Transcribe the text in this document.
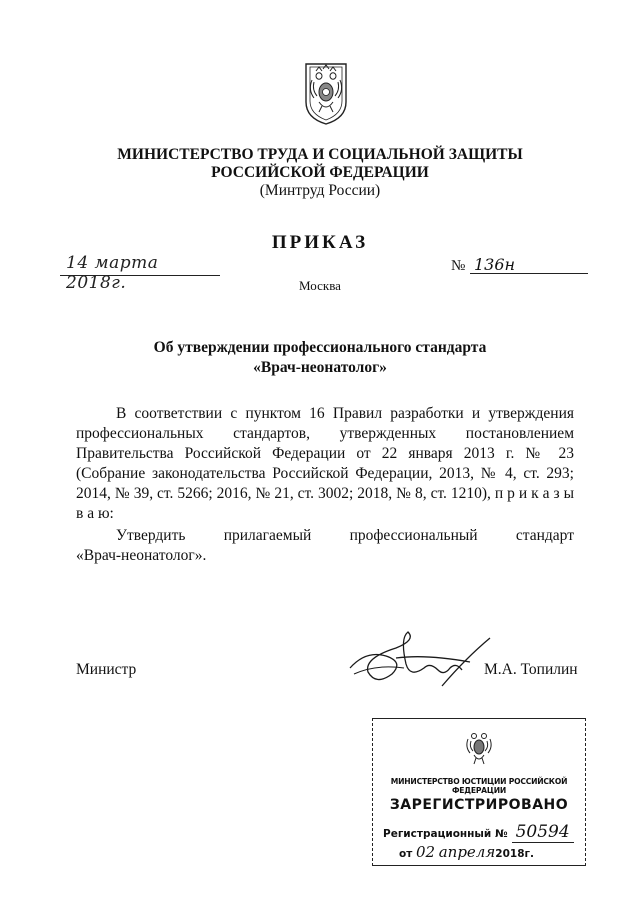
МИНИСТЕРСТВО ТРУДА И СОЦИАЛЬНОЙ ЗАЩИТЫ
РОССИЙСКОЙ ФЕДЕРАЦИИ
(Минтруд России)
ПРИКАЗ
14 марта 2018г.
№ 136н
Москва
Об утверждении профессионального стандарта
«Врач-неонатолог»

В соответствии с пунктом 16 Правил разработки и утверждения профессиональных стандартов, утвержденных постановлением Правительства Российской Федерации от 22 января 2013 г. № 23 (Собрание законодательства Российской Федерации, 2013, № 4, ст. 293; 2014, № 39, ст. 5266; 2016, № 21, ст. 3002; 2018, № 8, ст. 1210), п р и к а з ы в а ю:

Утвердить прилагаемый профессиональный стандарт
«Врач-неонатолог».
Министр	М.А. Топилин
МИНИСТЕРСТВО ЮСТИЦИИ РОССИЙСКОЙ ФЕДЕРАЦИИ
ЗАРЕГИСТРИРОВАНО
Регистрационный № 50594
от 02 апреля2018г.
